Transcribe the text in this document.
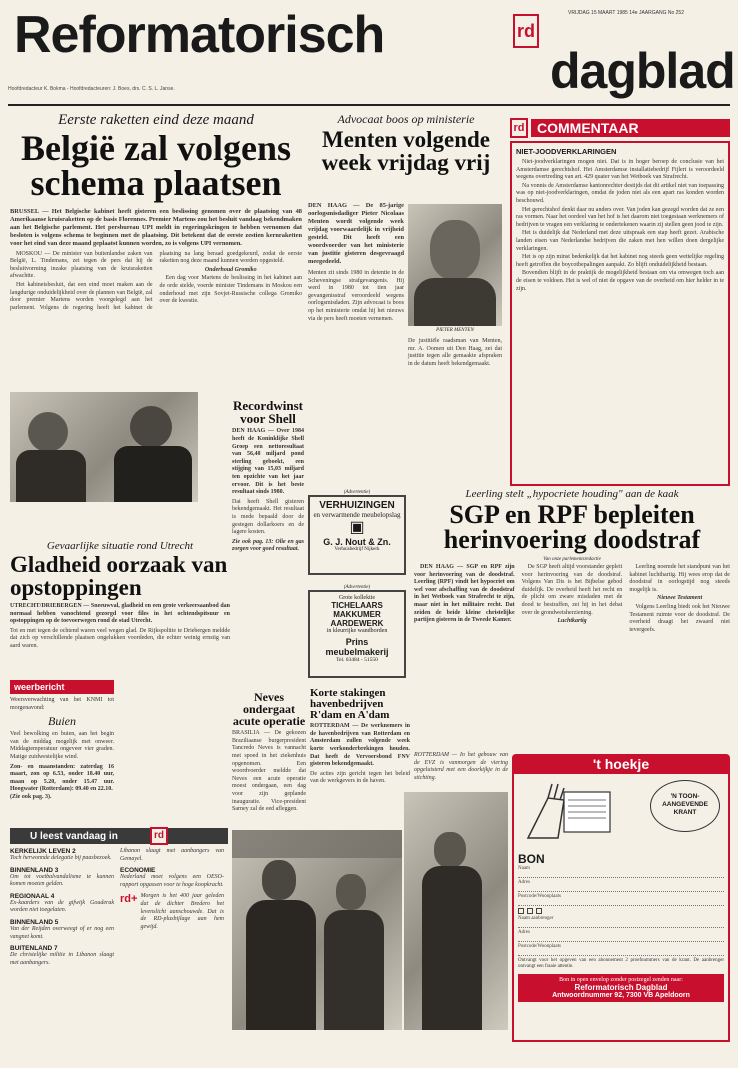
Reformatorisch	rd
VRIJDAG 15 MAART 1985 14e JAARGANG No 252
dagblad
Hoofdredacteur K. Bokma - Hoofdredacteuren: J. Boes, drs. C. S. L. Janse.
Eerste raketten eind deze maand
België zal volgens schema plaatsen
BRUSSEL — Het Belgische kabinet heeft gisteren een beslissing genomen over de plaatsing van 48 Amerikaanse kruisraketten op de basis Florennes. Premier Martens zou het besluit vandaag bekendmaken aan het Belgische parlement. Het persbureau UPI meldt in regeringskringen te hebben vernomen dat besloten is volgens schema te beginnen met de plaatsing. Dit betekent dat de eerste zestien kernraketten voor het eind van deze maand geplaatst kunnen worden, zo is volgens UPI vernomen.

MOSKOU — De minister van buitenlandse zaken van België, L. Tindemans, zei tegen de pers dat hij de besluitvorming inzake plaatsing van de kruisraketten afwachtte.

Het kabinetsbesluit, dat een eind moet maken aan de langdurige onduidelijkheid over de plannen van België, zal door premier Martens worden voorgelegd aan het parlement. Volgens de regering heeft het kabinet de plaatsing na lang beraad goedgekeurd, zodat de eerste raketten nog deze maand kunnen worden opgesteld.

Onderhoud Gromiko

Een dag voor Martens de beslissing in het kabinet aan de orde stelde, voerde minister Tindemans in Moskou een onderhoud met zijn Sovjet-Russische collega Gromiko over de kwestie.

Advocaat boos op ministerie
Menten volgende week vrijdag vrij
DEN HAAG — De 85-jarige oorlogsmisdadiger Pieter Nicolaas Menten wordt volgende week vrijdag voorwaardelijk in vrijheid gesteld. Dit heeft een woordvoerder van het ministerie van justitie gisteren desgevraagd meegedeeld.
Menten zit sinds 1980 in detentie in de Scheveningse strafgevangenis. Hij werd in 1980 tot tien jaar gevangenisstraf veroordeeld wegens oorlogsmisdaden. Zijn advocaat is boos op het ministerie omdat hij het nieuws via de pers heeft moeten vernemen.
PIETER MENTEN
De justitiële raadsman van Menten, mr. A. Oomen uit Den Haag, zei dat justitie tegen alle gemaakte afspraken in de datum heeft bekendgemaakt.
rd COMMENTAAR
NIET-JOODVERKLARINGEN

Niet-joodverklaringen mogen niet. Dat is in hoger beroep de conclusie van het Amsterdamse gerechtshof. Het Amsterdamse installatiebedrijf Fijlert is veroordeeld wegens overtreding van art. 429 quater van het Wetboek van Strafrecht.

Na vonnis de Amsterdamse kantonrechter destijds dat dit artikel niet van toepassing was op niet-joodverklaringen, omdat de joden niet als een apart ras konden worden beschouwd.

Het gerechtshof denkt daar nu anders over. Van joden kan gezegd worden dat ze een ras vormen. Naar het oordeel van het hof is het daarom niet toegestaan werknemers of bedrijven te vragen een verklaring te ondertekenen waarin zij stellen geen jood te zijn.

Het is duidelijk dat Nederland met deze uitspraak een stap heeft gezet. Arabische landen eisen van Nederlandse bedrijven die zaken met hen willen doen dergelijke verklaringen.

Het is op zijn minst bedenkelijk dat het kabinet nog steeds geen wettelijke regeling heeft getroffen die boycotbepalingen aanpakt. Zo blijft onduidelijkheid bestaan.

Bovendien blijft in de praktijk de mogelijkheid bestaan om via omwegen toch aan de eisen te voldoen. Het is wel of niet de opgave van de overheid om hier helder in te zijn.

Recordwinst voor Shell
DEN HAAG — Over 1984 heeft de Koninklijke Shell Groep een nettoresultaat van 56,48 miljard pond sterling geboekt, een stijging van 15,03 miljard ten opzichte van het jaar ervoor. Dit is het beste resultaat sinds 1980.
Dat heeft Shell gisteren bekendgemaakt. Het resultaat is mede bepaald door de gestegen dollarkoers en de lagere kosten.
Zie ook pag. 13: Olie en gas zorgen voor goed resultaat.
Gevaarlijke situatie rond Utrecht
Gladheid oorzaak van opstoppingen
UTRECHT/DRIEBERGEN — Sneeuwval, gladheid en een grote verkeersaanbod dan normaal hebben vanochtend gezorgd voor files in het ochtendspitsuur en opstoppingen op de toevoerwegen rond de stad Utrecht.
Tot en met tegen de ochtend waren veel wegen glad. De Rijkspolitie te Driebergen meldde dat zich op verschillende plaatsen ongelukken voordeden, die echter weinig ernstig van aard waren.
weerbericht
Weersverwachting van het KNMI tot morgenavond:
Buien
Veel bewolking en buien, aan het begin van de middag mogelijk met onweer. Middagtemperatuur ongeveer vier graden. Matige zuidwestelijke wind.
Zon- en maanstanden: zaterdag 16 maart, zon op 6.53, onder 18.40 uur, maan op 5.20, onder 15.47 uur. Hoogwater (Rotterdam): 09.40 en 22.10.
(Zie ook pag. 3).
Neves ondergaat acute operatie
BRASILIA — De gekozen Braziliaanse burgerpresident Tancredo Neves is vannacht met spoed in het ziekenhuis opgenomen. Een woordvoerder meldde dat Neves een acute operatie moest ondergaan, een dag voor zijn geplande inauguratie. Vice-president Sarney zal de eed afleggen.
(Advertentie)
VERHUIZINGEN
en verwarmende meubelopslag
▣
G. J. Nout & Zn.
Verhuisbedrijf Nijkerk
(Advertentie)
Grote kollektie
TICHELAARS MAKKUMER AARDEWERK
in kleurrijke wandborden
Prins meubelmakerij
Tel. 03484 - 51550
Korte stakingen havenbedrijven R'dam en A'dam
ROTTERDAM — De werknemers in de havenbedrijven van Rotterdam en Amsterdam zullen volgende week korte werkonderbrekingen houden. Dat heeft de Vervoersbond FNV gisteren bekendgemaakt.
De acties zijn gericht tegen het beleid van de werkgevers in de haven.
Leerling stelt „hypocriete houding" aan de kaak
SGP en RPF bepleiten herinvoering doodstraf
Van onze parlementsredactie

DEN HAAG — SGP en RPF zijn voor herinvoering van de doodstraf. Leerling (RPF) vindt het hypocriet om wel voor afschaffing van de doodstraf in het Wetboek van Strafrecht te zijn, maar niet in het militaire recht. Dat zeiden de beide kleine christelijke partijen gisteren in de Tweede Kamer.

De SGP heeft altijd voorstander gepleit voor herinvoering van de doodstraf. Volgens Van Dis is het Bijbelse gebod duidelijk. De overheid heeft het recht en de plicht om zware misdaden met de dood te bestraffen, zei hij in het debat over de grondwetsherziening.

Luchtkartig

Leerling noemde het standpunt van het kabinet luchthartig. Hij wees erop dat de doodstraf in oorlogstijd nog steeds mogelijk is.

Nieuwe Testament

Volgens Leerling biedt ook het Nieuwe Testament ruimte voor de doodstraf. De overheid draagt het zwaard niet tevergeefs.

ROTTERDAM — In het gebouw van de EVZ is vanmorgen de viering opgeluisterd met een doorkijkje in de stichting.
U leest vandaag in	rd
KERKELIJK LEVEN 2
Toch herwonnde delegatie bij paasbezoek.
BINNENLAND 3
Om tot voetbalvandalisme te kunnen komen moeten gelden.
REGIONAAL 4
Ex-kaarders van de gifwijk Gouderak worden niet toegelaten.
BINNENLAND 5
Van der Reijden overweegt of er nog een vangnet komt.
BUITENLAND 7
De christelijke militie in Libanon slaagt met aanbangers.
Libanon slaagt met aanbangers van Gemayel.
ECONOMIE
Nederland moet volgens een OESO-rapport opgassen voor te hoge koopkracht.
rd+ Morgen is het 400 jaar geleden dat de dichter Bredero het levenslicht aanschouwde. Dat is de RD-plusbijlage aan hem gewijd.
't hoekje
'N TOON-AANGEVENDE KRANT
BON
Naam
Adres
Postcode/Woonplaats
Naam aanbrenger
Adres
Postcode/Woonplaats
Ontvangt voor het opgeven van een abonnement 2 proefnummers van de krant. De aanbrenger ontvangt een fraaie attentie.
Bon in open envelop zonder postzegel zenden naar:
Reformatorisch Dagblad
Antwoordnummer 92, 7300 VB Apeldoorn
